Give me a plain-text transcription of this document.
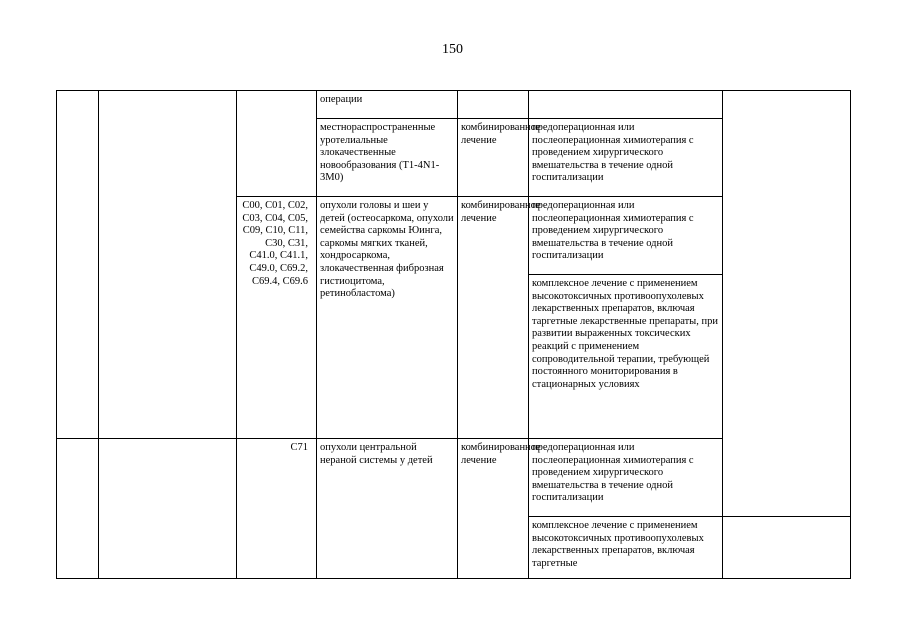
150
			операции			
			местнораспространенные уротелиальные злокачественные новообразования (T1-4N1-3M0)	комбинированное лечение	предоперационная или послеоперационная химиотерапия с проведением хирургического вмешательства в течение одной госпитализации	
		C00, C01, C02, C03, C04, C05, C09, C10, C11, C30, C31, C41.0, C41.1, C49.0, C69.2, C69.4, C69.6	опухоли головы и шеи у детей (остеосаркома, опухоли семейства саркомы Юинга, саркомы мягких тканей, хондросаркома, злокачественная фиброзная гистиоцитома, ретинобластома)	комбинированное лечение	предоперационная или послеоперационная химиотерапия с проведением хирургического вмешательства в течение одной госпитализации	
					комплексное лечение с применением высокотоксичных противоопухолевых лекарственных препаратов, включая таргетные лекарственные препараты, при развитии выраженных токсических реакций с применением сопроводительной терапии, требующей постоянного мониторирования в стационарных условиях	
		C71	опухоли центральной нерaной системы у детей	комбинированное лечение	предоперационная или послеоперационная химиотерапия с проведением хирургического вмешательства в течение одной госпитализации	
					комплексное лечение с применением высокотоксичных противоопухолевых лекарственных препаратов, включая таргетные	
